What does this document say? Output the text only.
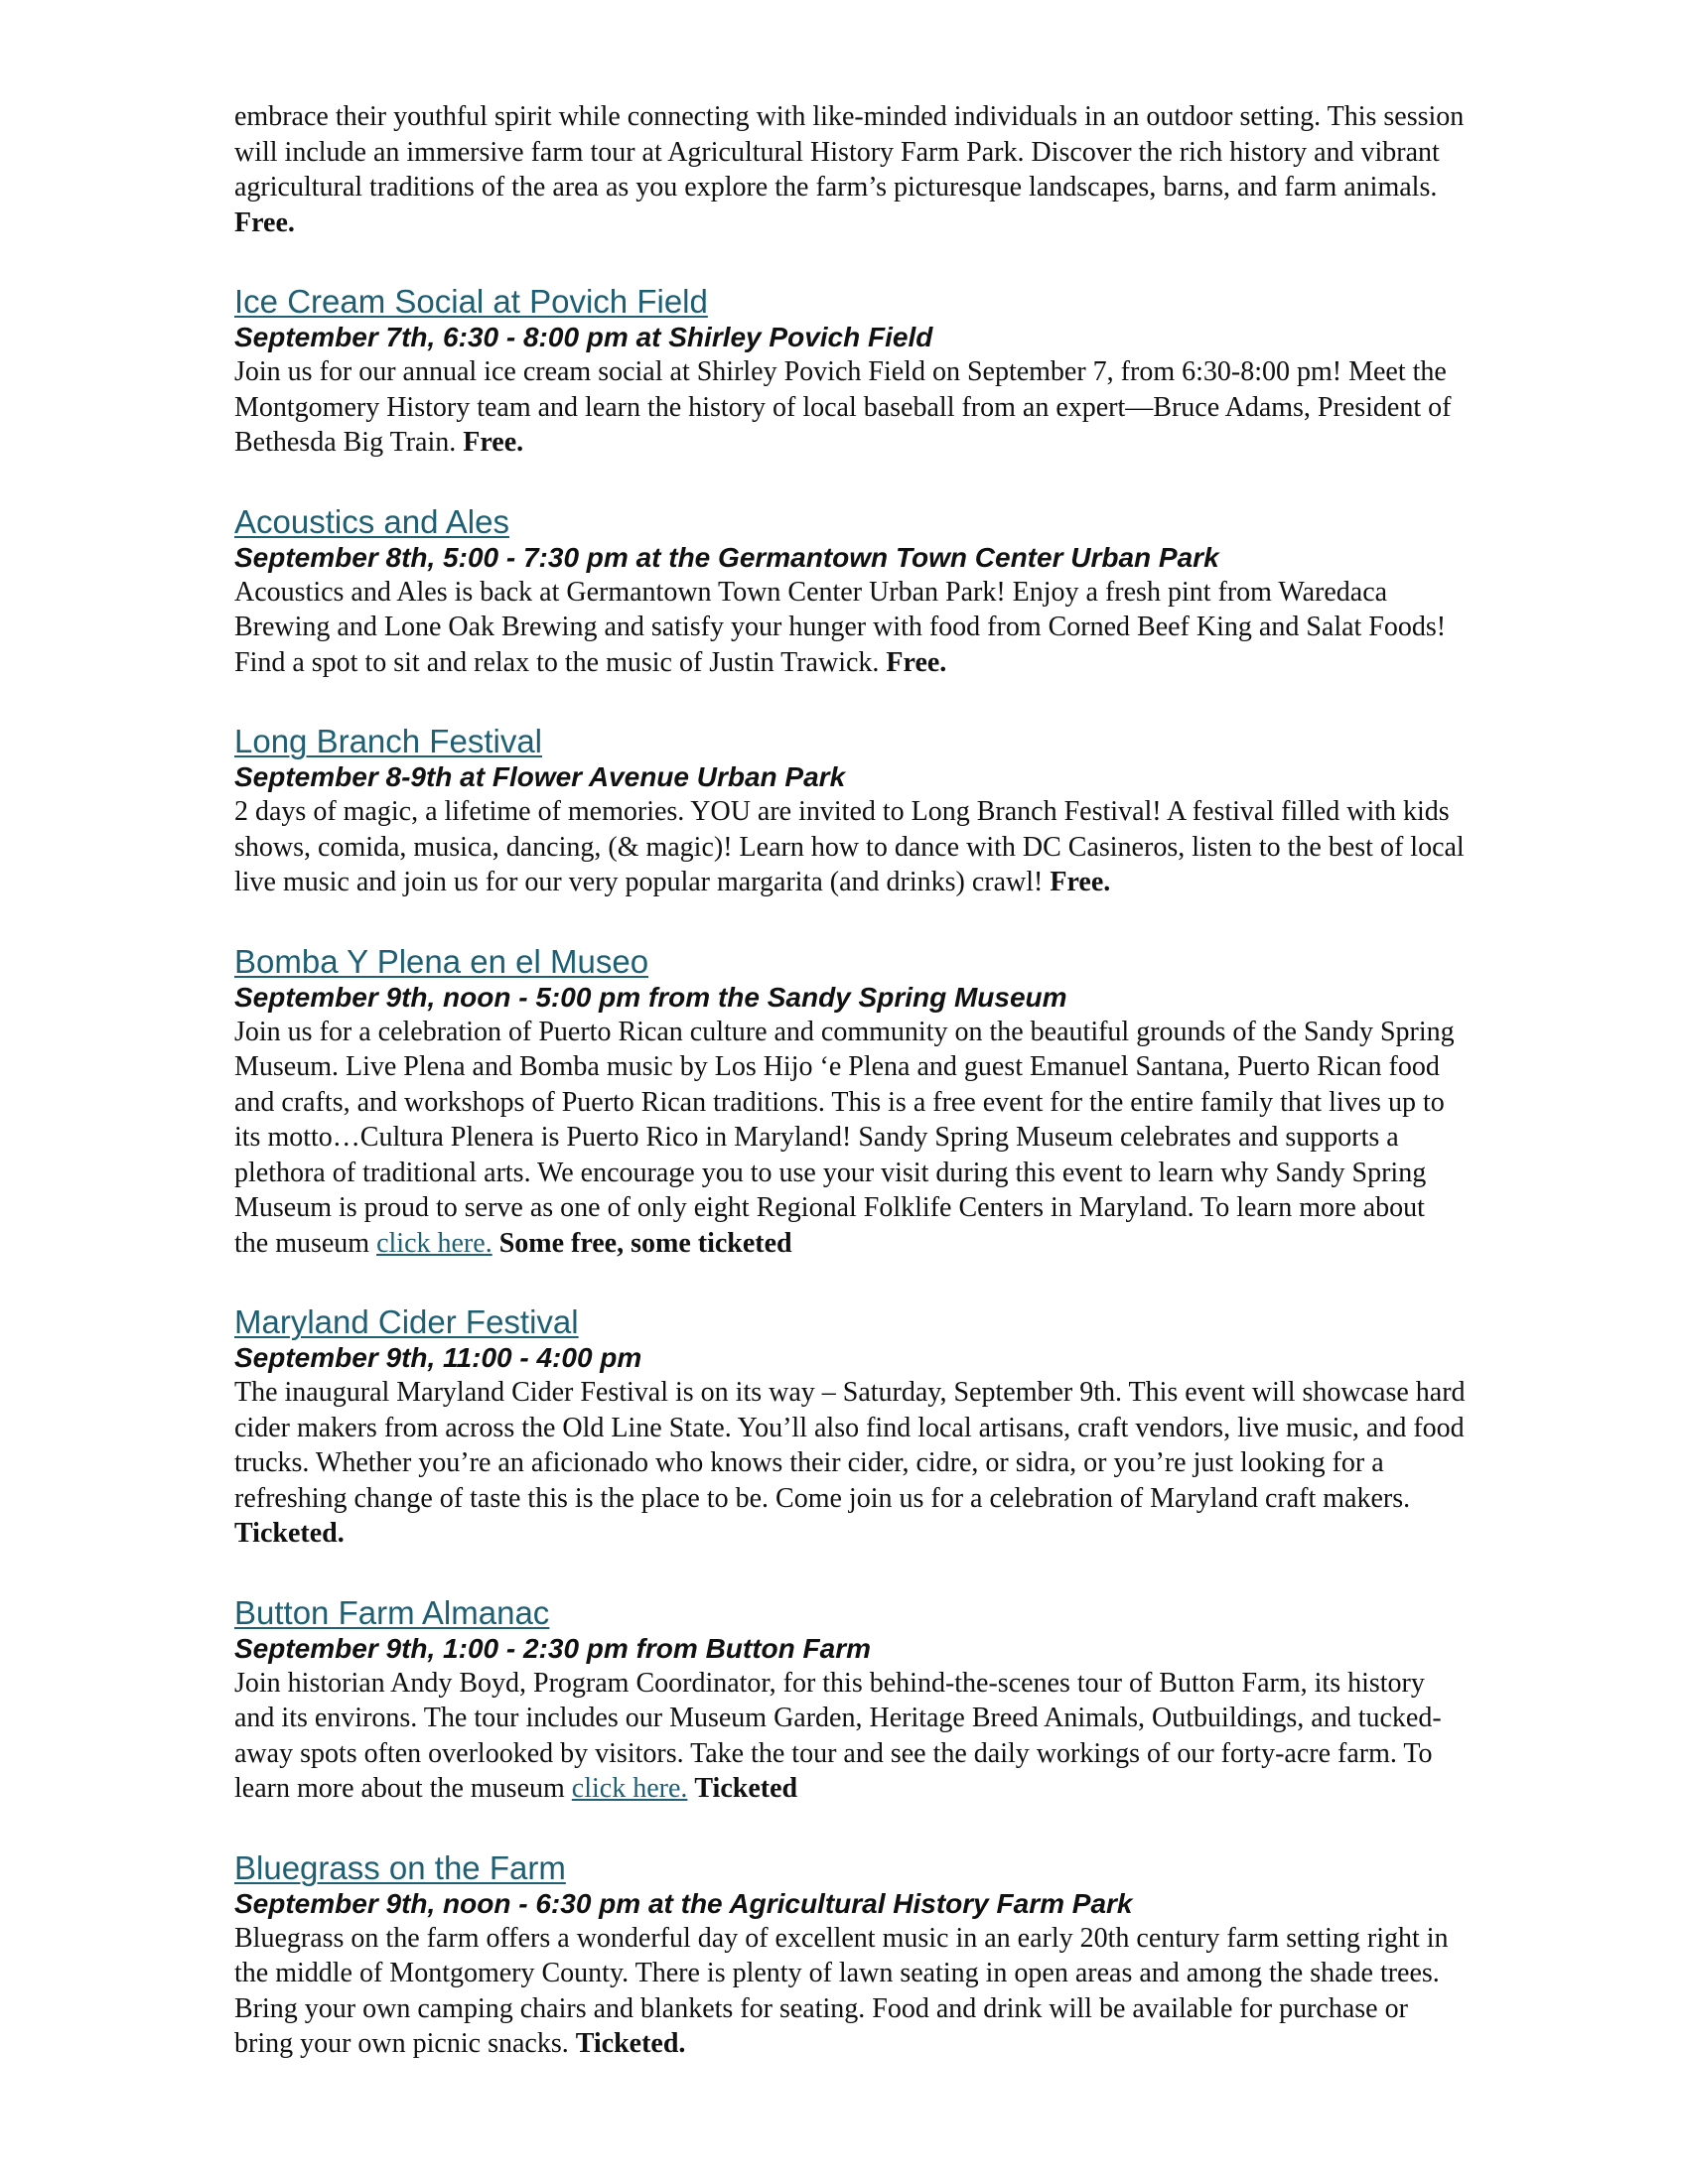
embrace their youthful spirit while connecting with like-minded individuals in an outdoor setting. This session will include an immersive farm tour at Agricultural History Farm Park. Discover the rich history and vibrant agricultural traditions of the area as you explore the farm’s picturesque landscapes, barns, and farm animals. Free.

Ice Cream Social at Povich Field

September 7th, 6:30 - 8:00 pm at Shirley Povich Field

Join us for our annual ice cream social at Shirley Povich Field on September 7, from 6:30-8:00 pm! Meet the Montgomery History team and learn the history of local baseball from an expert—Bruce Adams, President of Bethesda Big Train. Free.

Acoustics and Ales

September 8th, 5:00 - 7:30 pm at the Germantown Town Center Urban Park

Acoustics and Ales is back at Germantown Town Center Urban Park! Enjoy a fresh pint from Waredaca Brewing and Lone Oak Brewing and satisfy your hunger with food from Corned Beef King and Salat Foods! Find a spot to sit and relax to the music of Justin Trawick. Free.

Long Branch Festival

September 8-9th at Flower Avenue Urban Park

2 days of magic, a lifetime of memories. YOU are invited to Long Branch Festival! A festival filled with kids shows, comida, musica, dancing, (& magic)! Learn how to dance with DC Casineros, listen to the best of local live music and join us for our very popular margarita (and drinks) crawl! Free.

Bomba Y Plena en el Museo

September 9th, noon - 5:00 pm from the Sandy Spring Museum

Join us for a celebration of Puerto Rican culture and community on the beautiful grounds of the Sandy Spring Museum. Live Plena and Bomba music by Los Hijo ‘e Plena and guest Emanuel Santana, Puerto Rican food and crafts, and workshops of Puerto Rican traditions. This is a free event for the entire family that lives up to its motto…Cultura Plenera is Puerto Rico in Maryland! Sandy Spring Museum celebrates and supports a plethora of traditional arts. We encourage you to use your visit during this event to learn why Sandy Spring Museum is proud to serve as one of only eight Regional Folklife Centers in Maryland. To learn more about the museum click here. Some free, some ticketed

Maryland Cider Festival

September 9th, 11:00 - 4:00 pm

The inaugural Maryland Cider Festival is on its way – Saturday, September 9th. This event will showcase hard cider makers from across the Old Line State. You’ll also find local artisans, craft vendors, live music, and food trucks. Whether you’re an aficionado who knows their cider, cidre, or sidra, or you’re just looking for a refreshing change of taste this is the place to be. Come join us for a celebration of Maryland craft makers. Ticketed.

Button Farm Almanac

September 9th, 1:00 - 2:30 pm from Button Farm

Join historian Andy Boyd, Program Coordinator, for this behind-the-scenes tour of Button Farm, its history and its environs. The tour includes our Museum Garden, Heritage Breed Animals, Outbuildings, and tucked-away spots often overlooked by visitors. Take the tour and see the daily workings of our forty-acre farm. To learn more about the museum click here. Ticketed

Bluegrass on the Farm

September 9th, noon - 6:30 pm at the Agricultural History Farm Park

Bluegrass on the farm offers a wonderful day of excellent music in an early 20th century farm setting right in the middle of Montgomery County. There is plenty of lawn seating in open areas and among the shade trees. Bring your own camping chairs and blankets for seating. Food and drink will be available for purchase or bring your own picnic snacks. Ticketed.
